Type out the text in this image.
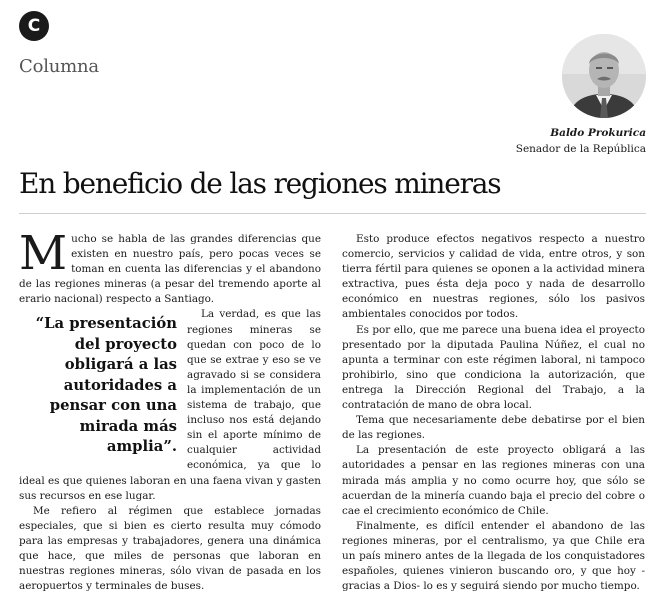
C
Columna
Baldo Prokurica
Senador de la República
En beneficio de las regiones mineras

Mucho se habla de las grandes diferencias que existen en nuestro país, pero pocas veces se toman en cuenta las diferencias y el abandono de las regiones mineras (a pesar del tremendo aporte al erario nacional) respecto a Santiago.

“La presentación del proyecto obligará a las autoridades a pensar con una mirada más amplia”.
La verdad, es que las regiones mineras se quedan con poco de lo que se extrae y eso se ve agravado si se considera la implementación de un sistema de trabajo, que incluso nos está dejando sin el aporte mínimo de cualquier actividad económica, ya que lo ideal es que quienes laboran en una faena vivan y gasten sus recursos en ese lugar.

Me refiero al régimen que establece jornadas especiales, que si bien es cierto resulta muy cómodo para las empresas y trabajadores, genera una dinámica que hace, que miles de personas que laboran en nuestras regiones mineras, sólo vivan de pasada en los aeropuertos y terminales de buses.

Esto produce efectos negativos respecto a nuestro comercio, servicios y calidad de vida, entre otros, y son tierra fértil para quienes se oponen a la actividad minera extractiva, pues ésta deja poco y nada de desarrollo económico en nuestras regiones, sólo los pasivos ambientales conocidos por todos.

Es por ello, que me parece una buena idea el proyecto presentado por la diputada Paulina Núñez, el cual no apunta a terminar con este régimen laboral, ni tampoco prohibirlo, sino que condiciona la autorización, que entrega la Dirección Regional del Trabajo, a la contratación de mano de obra local.

Tema que necesariamente debe debatirse por el bien de las regiones.

La presentación de este proyecto obligará a las autoridades a pensar en las regiones mineras con una mirada más amplia y no como ocurre hoy, que sólo se acuerdan de la minería cuando baja el precio del cobre o cae el crecimiento económico de Chile.

Finalmente, es difícil entender el abandono de las regiones mineras, por el centralismo, ya que Chile era un país minero antes de la llegada de los conquistadores españoles, quienes vinieron buscando oro, y que hoy -gracias a Dios- lo es y seguirá siendo por mucho tiempo.
